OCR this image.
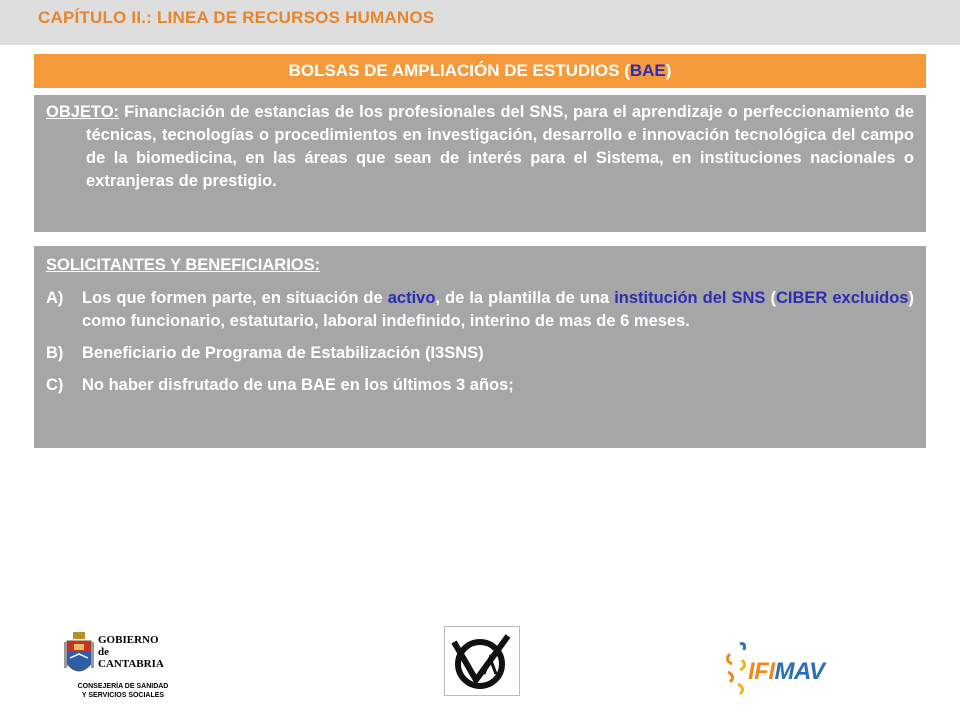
CAPÍTULO II.: LINEA DE RECURSOS HUMANOS
BOLSAS DE AMPLIACIÓN DE ESTUDIOS ( BAE )

OBJETO: Financiación de estancias de los profesionales del SNS, para el aprendizaje o perfeccionamiento de técnicas, tecnologías o procedimientos en investigación, desarrollo e innovación tecnológica del campo de la biomedicina, en las áreas que sean de interés para el Sistema, en instituciones nacionales o extranjeras de prestigio.

SOLICITANTES Y BENEFICIARIOS:

A)	Los que formen parte, en situación de activo, de la plantilla de una institución del SNS (CIBER excluidos) como funcionario, estatutario, laboral indefinido, interino de mas de 6 meses.
B)	Beneficiario de Programa de Estabilización (I3SNS)
C)	No haber disfrutado de una BAE en los últimos 3 años;
GOBIERNO
de
CANTABRIA
CONSEJERÍA DE SANIDAD
Y SERVICIOS SOCIALES
IFIMAV
